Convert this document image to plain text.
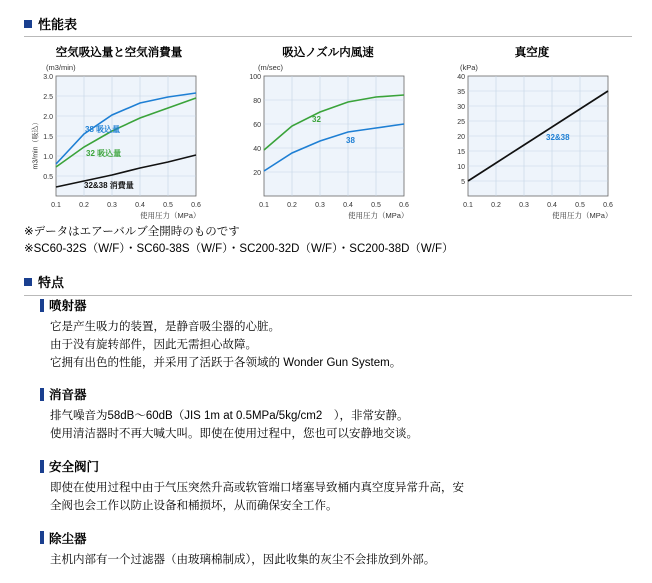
性能表
空気吸込量と空気消費量
(m3/min)
m3/min（吸込）
3.0
2.5
2.0
1.5
1.0
0.5
0.1	0.2	0.3	0.4	0.5	0.6
38 吸込量
32 吸込量
32&38 消費量
使用圧力（MPa）
吸込ノズル内風速
(m/sec)
100
80
60
40
20
0.1	0.2	0.3	0.4	0.5	0.6
32
38
使用圧力（MPa）
真空度
(kPa)
40
35
30
25
20
15
10
5
0.1	0.2	0.3	0.4	0.5	0.6
32&38
使用圧力（MPa）
※データはエアーバルブ全開時のものです
※SC60-32S（W/F）・SC60-38S（W/F）・SC200-32D（W/F）・SC200-38D（W/F）
特点
喷射器
它是产生吸力的装置，是静音吸尘器的心脏。
由于没有旋转部件，因此无需担心故障。
它拥有出色的性能，并采用了活跃于各领域的 Wonder Gun System。
消音器
排气噪音为58dB～60dB（JIS 1m at 0.5MPa/5kg/cm2　），非常安静。
使用清洁器时不再大喊大叫。即使在使用过程中，您也可以安静地交谈。
安全阀门
即使在使用过程中由于气压突然升高或软管端口堵塞导致桶内真空度异常升高，安
全阀也会工作以防止设备和桶损坏，从而确保安全工作。
除尘器
主机内部有一个过滤器（由玻璃棉制成），因此收集的灰尘不会排放到外部。
